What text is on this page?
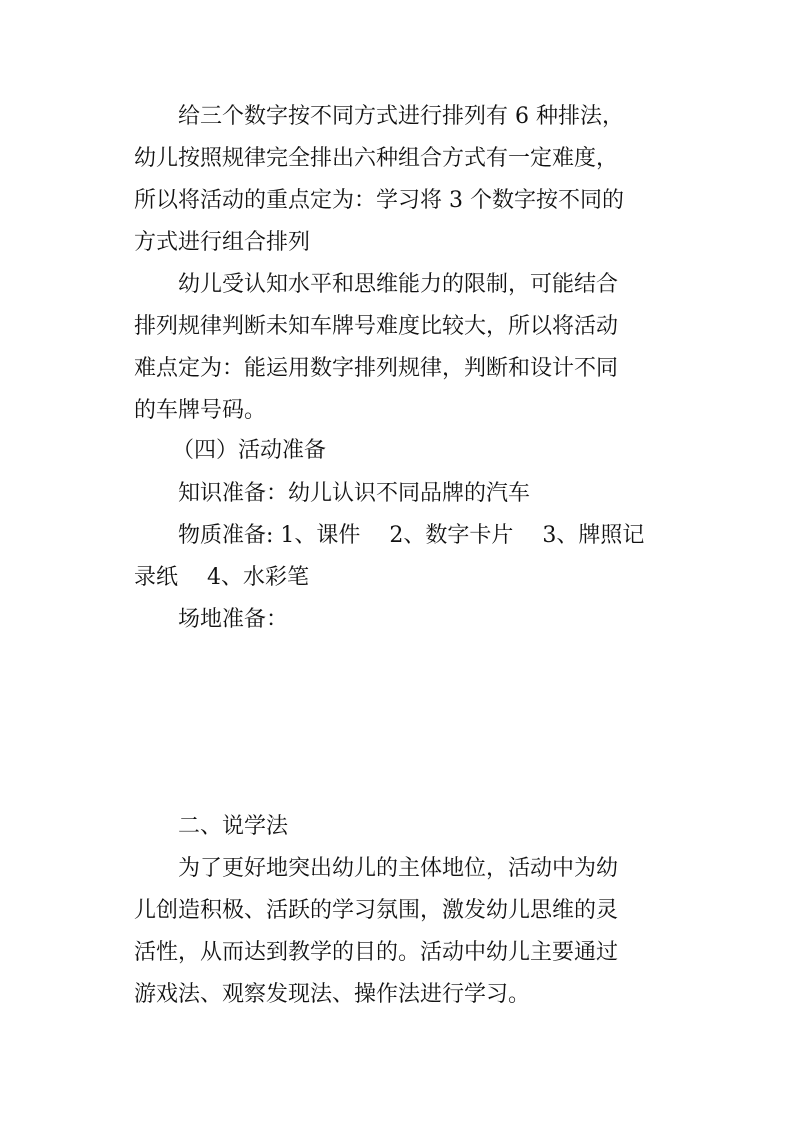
给三个数字按不同方式进行排列有 6 种排法，
幼儿按照规律完全排出六种组合方式有一定难度，
所以将活动的重点定为：学习将 3 个数字按不同的
方式进行组合排列
幼儿受认知水平和思维能力的限制，可能结合
排列规律判断未知车牌号难度比较大，所以将活动
难点定为：能运用数字排列规律，判断和设计不同
的车牌号码。
（四）活动准备
知识准备：幼儿认识不同品牌的汽车
物质准备: 1、课件　 2、数字卡片　 3、牌照记
录纸　 4、水彩笔
场地准备：
二、说学法
为了更好地突出幼儿的主体地位，活动中为幼
儿创造积极、活跃的学习氛围，激发幼儿思维的灵
活性，从而达到教学的目的。活动中幼儿主要通过
游戏法、观察发现法、操作法进行学习。
